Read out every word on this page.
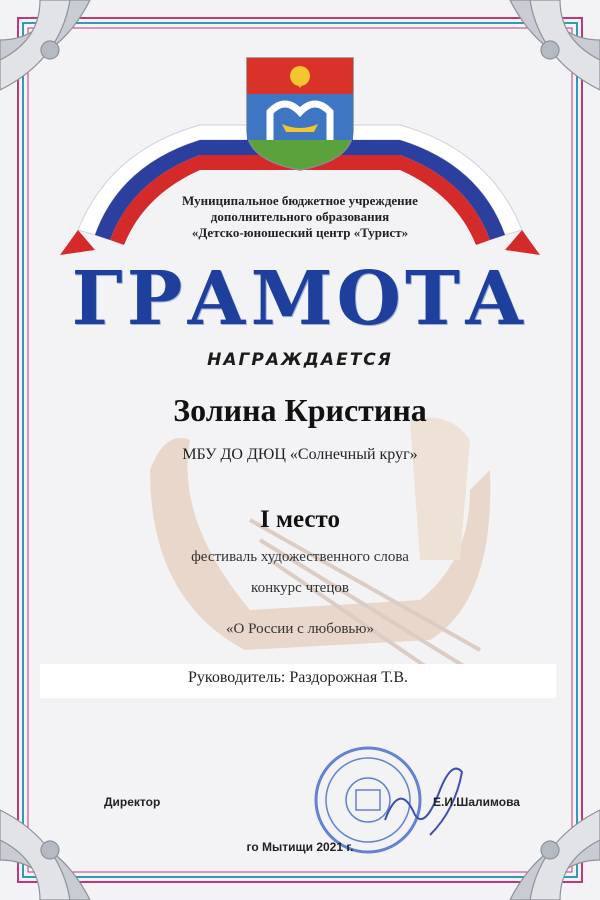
Муниципальное бюджетное учреждение
дополнительного образования
«Детско-юношеский центр «Турист»
ГРАМОТА
НАГРАЖДАЕТСЯ
Золина Кристина
МБУ ДО ДЮЦ «Солнечный круг»
I место
фестиваль художественного слова
конкурс чтецов
«О России с любовью»
Руководитель: Раздорожная Т.В.
Директор	Е.И.Шалимова
го Мытищи 2021 г.
